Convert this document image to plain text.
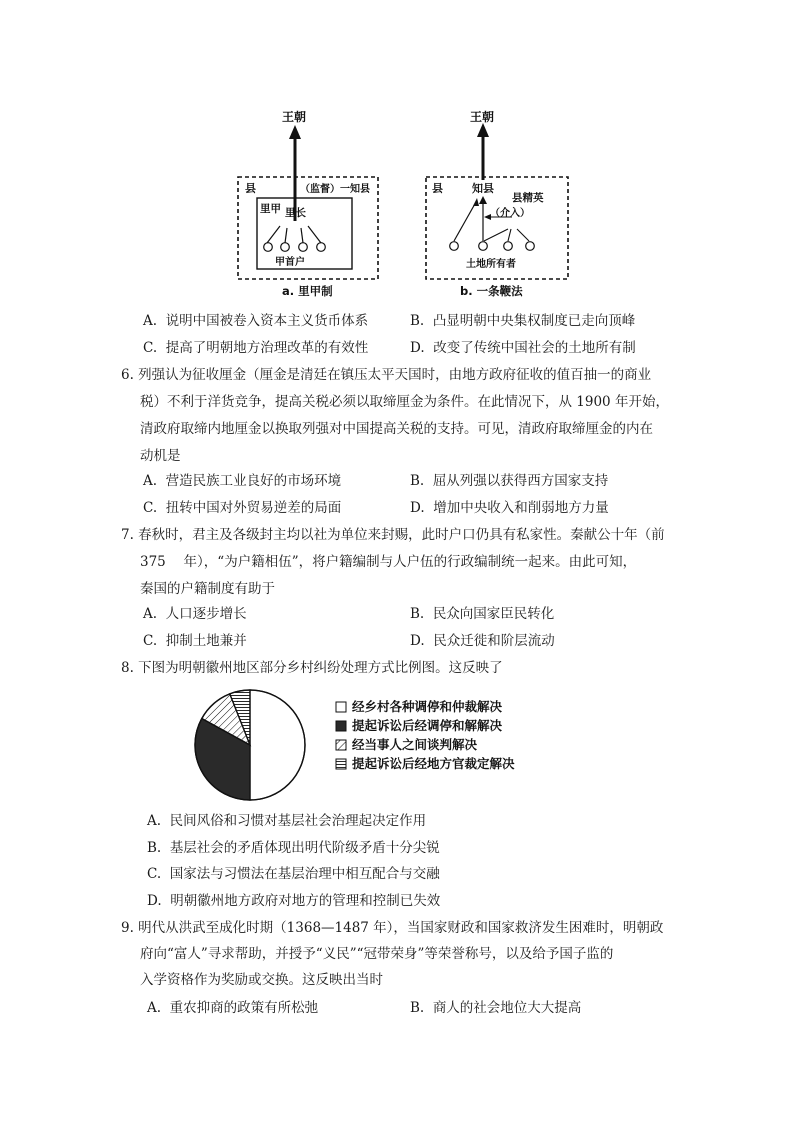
王朝
县	（监督）一知县
里甲 里长
甲首户
a. 里甲制
王朝
县	知县
县精英
（介入）
土地所有者
b. 一条鞭法
A. 说明中国被卷入资本主义货币体系	B. 凸显明朝中央集权制度已走向顶峰
C. 提高了明朝地方治理改革的有效性	D. 改变了传统中国社会的土地所有制
6. 列强认为征收厘金（厘金是清廷在镇压太平天国时，由地方政府征收的值百抽一的商业
税）不利于洋货竞争，提高关税必须以取缔厘金为条件。在此情况下，从 1900 年开始，
清政府取缔内地厘金以换取列强对中国提高关税的支持。可见，清政府取缔厘金的内在
动机是
A. 营造民族工业良好的市场环境	B. 屈从列强以获得西方国家支持
C. 扭转中国对外贸易逆差的局面	D. 增加中央收入和削弱地方力量
7. 春秋时，君主及各级封主均以社为单位来封赐，此时户口仍具有私家性。秦献公十年（前
375　 年），“为户籍相伍”，将户籍编制与人户伍的行政编制统一起来。由此可知，
秦国的户籍制度有助于
A. 人口逐步增长	B. 民众向国家臣民转化
C. 抑制土地兼并	D. 民众迁徙和阶层流动
8. 下图为明朝徽州地区部分乡村纠纷处理方式比例图。这反映了
经乡村各种调停和仲裁解决
提起诉讼后经调停和解解决
经当事人之间谈判解决
提起诉讼后经地方官裁定解决
A. 民间风俗和习惯对基层社会治理起决定作用
B. 基层社会的矛盾体现出明代阶级矛盾十分尖锐
C. 国家法与习惯法在基层治理中相互配合与交融
D. 明朝徽州地方政府对地方的管理和控制已失效
9. 明代从洪武至成化时期（1368—1487 年），当国家财政和国家救济发生困难时，明朝政
府向“富人”寻求帮助，并授予“义民”“冠带荣身”等荣誉称号，以及给予国子监的
入学资格作为奖励或交换。这反映出当时
A. 重农抑商的政策有所松弛	B. 商人的社会地位大大提高
